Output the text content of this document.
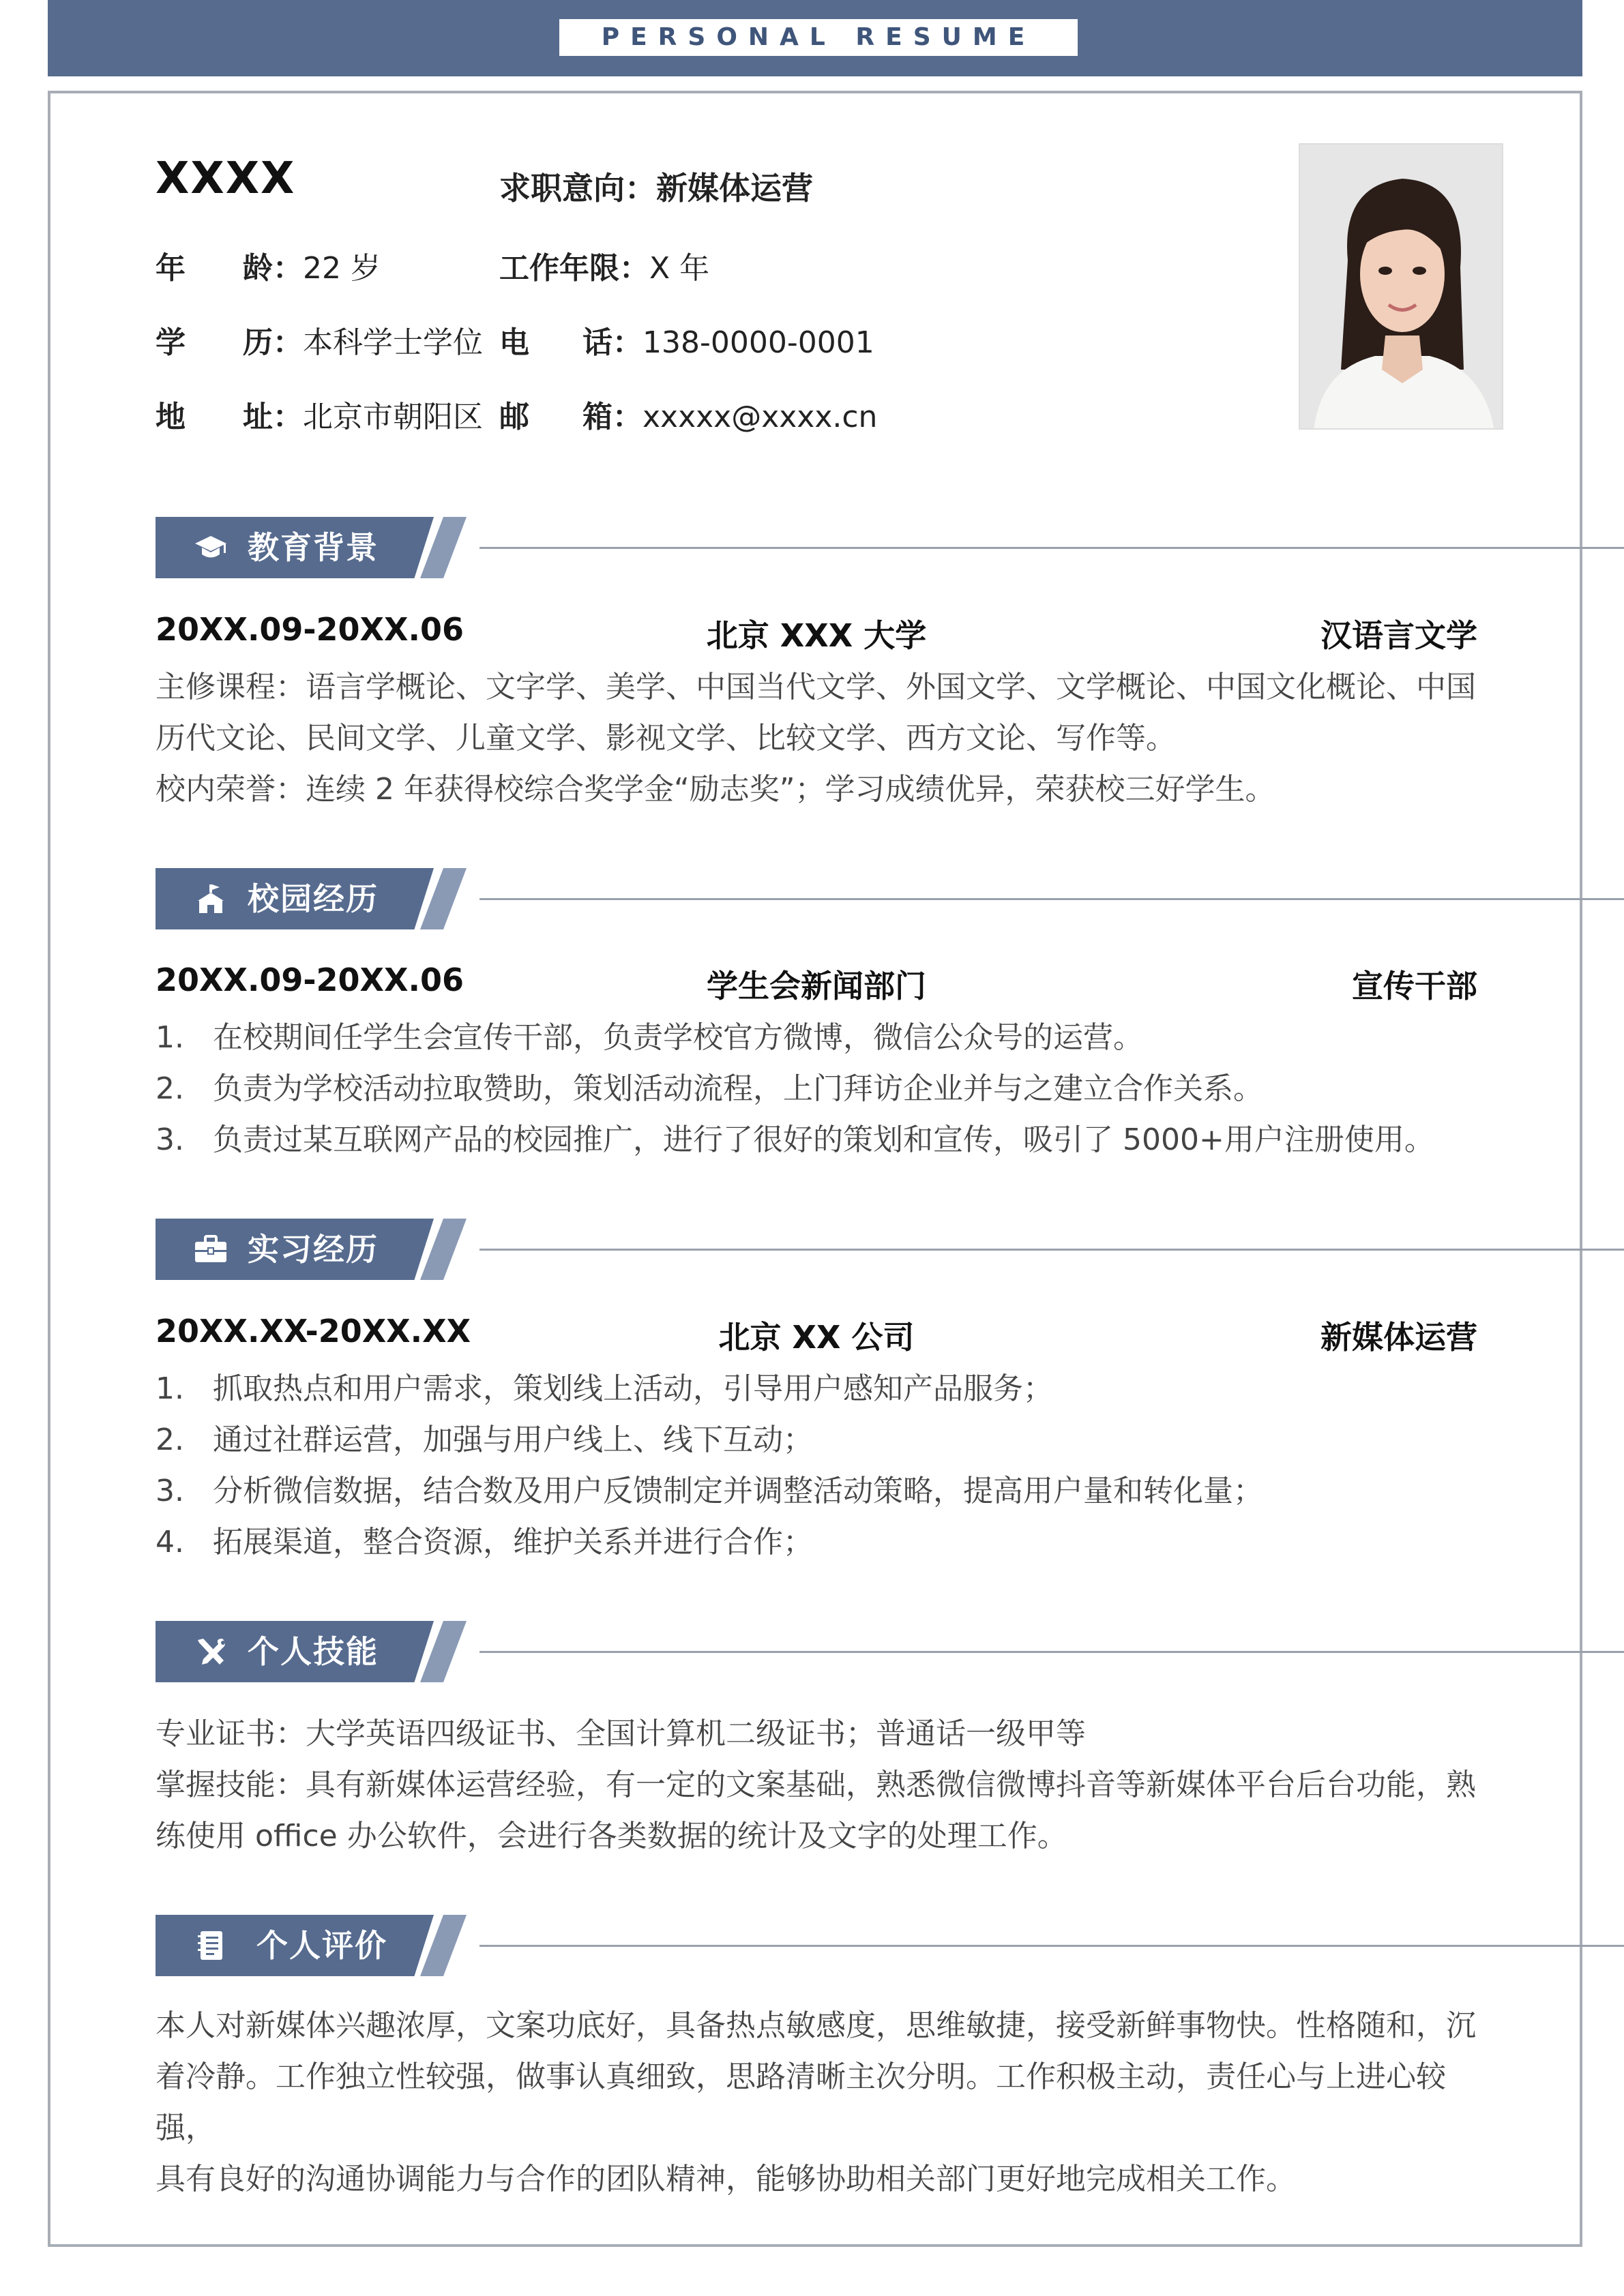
PERSONAL RESUME
XXXX	求职意向：新媒体运营
年 龄： 22 岁	工作年限：X 年
学 历： 本科学士学位 电 话： 138-0000-0001
地 址： 北京市朝阳区 邮 箱： xxxxx@xxxx.cn
教育背景
20XX.09-20XX.06	北京 XXX 大学	汉语言文学

主修课程：语言学概论、文字学、美学、中国当代文学、外国文学、文学概论、中国文化概论、中国

历代文论、民间文学、儿童文学、影视文学、比较文学、西方文论、写作等。

校内荣誉：连续 2 年获得校综合奖学金“励志奖”；学习成绩优异，荣获校三好学生。

校园经历
20XX.09-20XX.06	学生会新闻部门	宣传干部
1. 在校期间任学生会宣传干部，负责学校官方微博，微信公众号的运营。
2. 负责为学校活动拉取赞助，策划活动流程，上门拜访企业并与之建立合作关系。
3. 负责过某互联网产品的校园推广，进行了很好的策划和宣传，吸引了 5000+用户注册使用。
实习经历
20XX.XX-20XX.XX	北京 XX 公司	新媒体运营
1. 抓取热点和用户需求，策划线上活动，引导用户感知产品服务；
2. 通过社群运营，加强与用户线上、线下互动；
3. 分析微信数据，结合数及用户反馈制定并调整活动策略，提高用户量和转化量；
4. 拓展渠道，整合资源，维护关系并进行合作；
个人技能

专业证书：大学英语四级证书、全国计算机二级证书；普通话一级甲等

掌握技能：具有新媒体运营经验，有一定的文案基础，熟悉微信微博抖音等新媒体平台后台功能，熟

练使用 office 办公软件，会进行各类数据的统计及文字的处理工作。

个人评价

本人对新媒体兴趣浓厚，文案功底好，具备热点敏感度，思维敏捷，接受新鲜事物快。性格随和，沉

着冷静。工作独立性较强，做事认真细致，思路清晰主次分明。工作积极主动，责任心与上进心较强，

具有良好的沟通协调能力与合作的团队精神，能够协助相关部门更好地完成相关工作。
